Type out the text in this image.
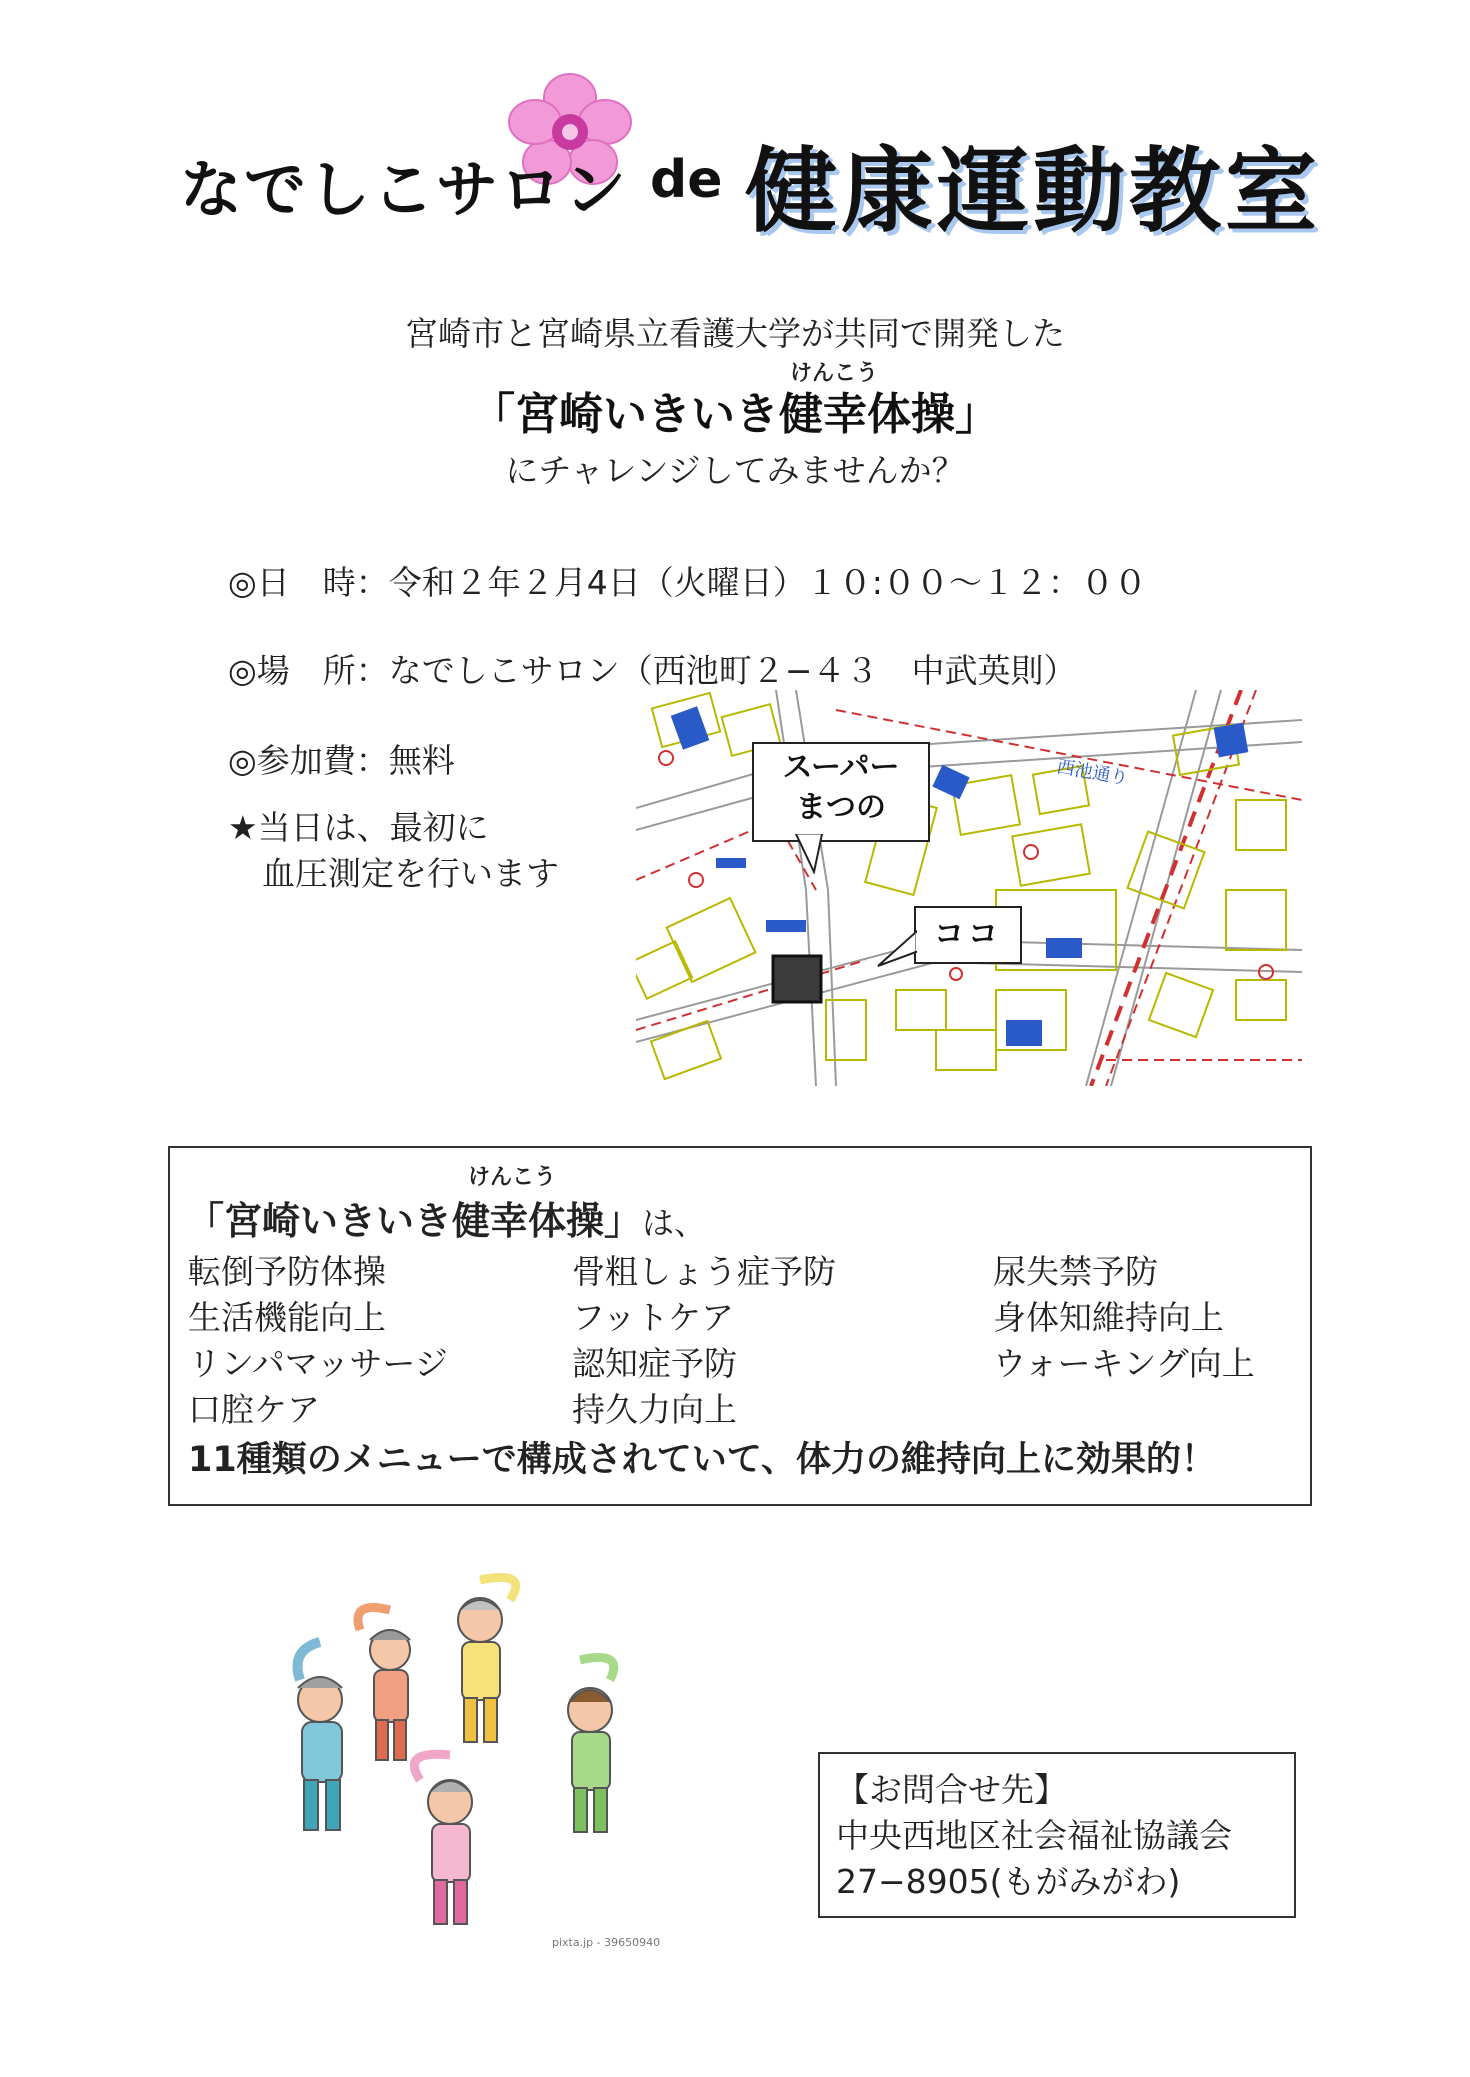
なでしこサロン de 健康運動教室
宮崎市と宮崎県立看護大学が共同で開発した
けんこう
「宮崎いきいき健幸体操」
にチャレンジしてみませんか？
◎日　時：令和２年２月4日（火曜日）１０:００〜１２：００
◎場　所：なでしこサロン（西池町２−４３　中武英則）
◎参加費：無料
★当日は、最初に
血圧測定を行います
西池通り
スーパー
まつの
ココ
けんこう
「宮崎いきいき健幸体操」は、
転倒予防体操	骨粗しょう症予防	尿失禁予防
生活機能向上	フットケア	身体知維持向上
リンパマッサージ	認知症予防	ウォーキング向上
口腔ケア	持久力向上
11種類のメニューで構成されていて、体力の維持向上に効果的！
pixta.jp - 39650940
【お問合せ先】
中央西地区社会福祉協議会
27−8905(もがみがわ)
